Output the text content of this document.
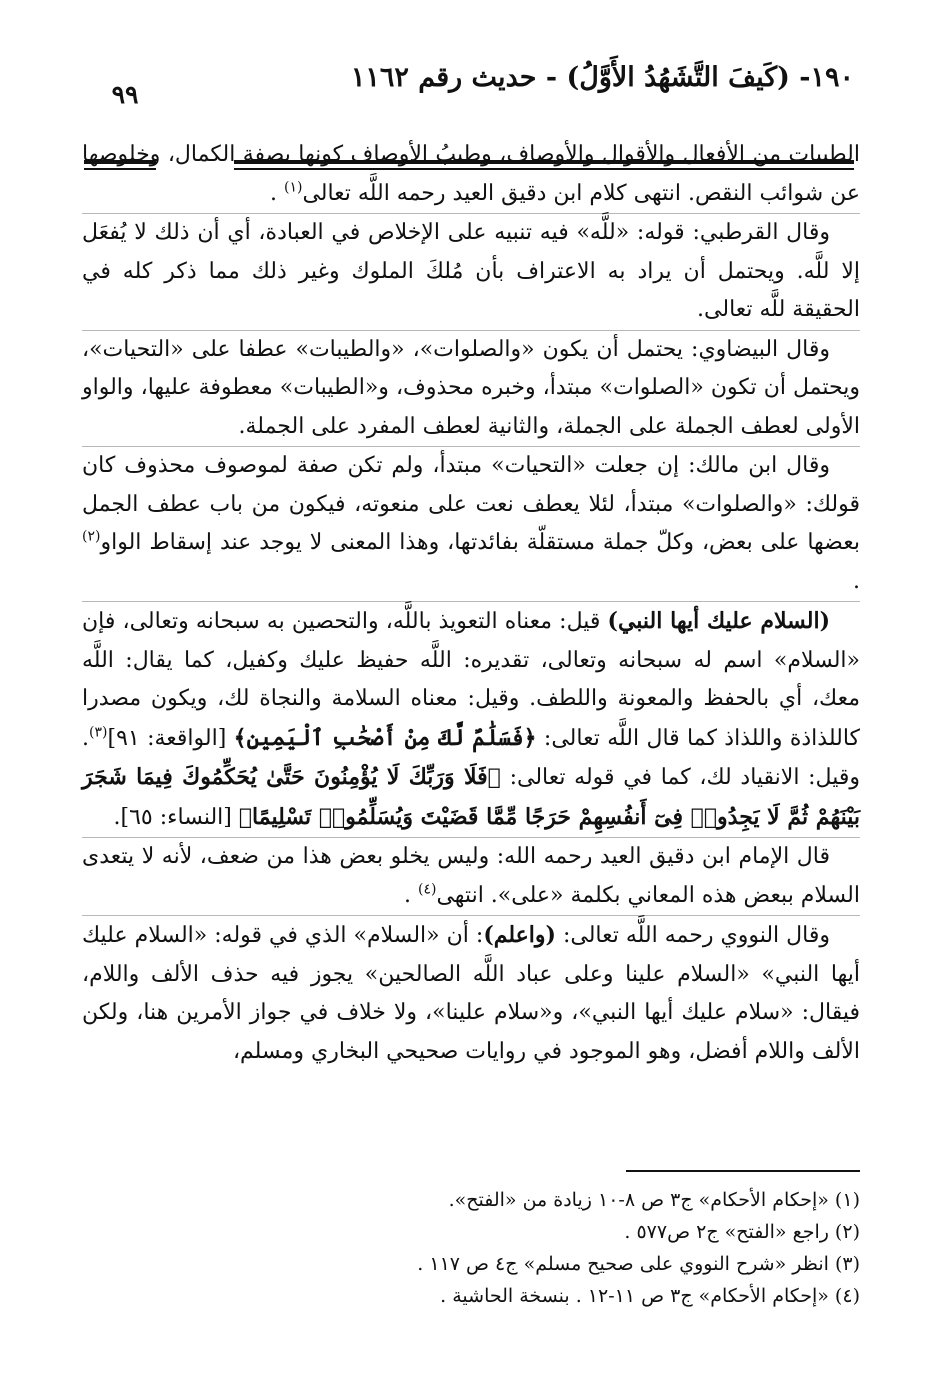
١٩٠- (كَيفَ التَّشَهُدُ الأَوَّلُ) - حديث رقم ١١٦٢
٩٩

الطيبات من الأفعال والأقوال والأوصاف، وطيبُ الأوصاف كونها بصفة الكمال، وخلوصها عن شوائب النقص. انتهى كلام ابن دقيق العيد رحمه اللَّه تعالى$^{(١)}$ .

وقال القرطبي: قوله: «للَّه» فيه تنبيه على الإخلاص في العبادة، أي أن ذلك لا يُفعَل إلا للَّه. ويحتمل أن يراد به الاعتراف بأن مُلكَ الملوك وغير ذلك مما ذكر كله في الحقيقة للَّه تعالى.

وقال البيضاوي: يحتمل أن يكون «والصلوات»، «والطيبات» عطفا على «التحيات»، ويحتمل أن تكون «الصلوات» مبتدأ، وخبره محذوف، و«الطيبات» معطوفة عليها، والواو الأولى لعطف الجملة على الجملة، والثانية لعطف المفرد على الجملة.

وقال ابن مالك: إن جعلت «التحيات» مبتدأ، ولم تكن صفة لموصوف محذوف كان قولك: «والصلوات» مبتدأ، لئلا يعطف نعت على منعوته، فيكون من باب عطف الجمل بعضها على بعض، وكلّ جملة مستقلّة بفائدتها، وهذا المعنى لا يوجد عند إسقاط الواو$^{(٢)}$ .

(السلام عليك أيها النبي) قيل: معناه التعويذ باللَّه، والتحصين به سبحانه وتعالى، فإن «السلام» اسم له سبحانه وتعالى، تقديره: اللَّه حفيظ عليك وكفيل، كما يقال: اللَّه معك، أي بالحفظ والمعونة واللطف. وقيل: معناه السلامة والنجاة لك، ويكون مصدرا كاللذاذة واللذاذ كما قال اللَّه تعالى: ﴿فَسَلَٰمٌ لَّكَ مِنْ أَصْحَٰبِ ٱلْيَمِينِ﴾ [الواقعة: ٩١]$^{(٣)}$. وقيل: الانقياد لك، كما في قوله تعالى: ﴿فَلَا وَرَبِّكَ لَا يُؤْمِنُونَ حَتَّىٰ يُحَكِّمُوكَ فِيمَا شَجَرَ بَيْنَهُمْ ثُمَّ لَا يَجِدُوا۟ فِىٓ أَنفُسِهِمْ حَرَجًا مِّمَّا قَضَيْتَ وَيُسَلِّمُوا۟ تَسْلِيمًا﴾ [النساء: ٦٥].

قال الإمام ابن دقيق العيد رحمه الله: وليس يخلو بعض هذا من ضعف، لأنه لا يتعدى السلام ببعض هذه المعاني بكلمة «على». انتهى$^{(٤)}$ .

وقال النووي رحمه اللَّه تعالى: (واعلم): أن «السلام» الذي في قوله: «السلام عليك أيها النبي» «السلام علينا وعلى عباد اللَّه الصالحين» يجوز فيه حذف الألف واللام، فيقال: «سلام عليك أيها النبي»، و«سلام علينا»، ولا خلاف في جواز الأمرين هنا، ولكن الألف واللام أفضل، وهو الموجود في روايات صحيحي البخاري ومسلم،

(١) «إحكام الأحكام» ج٣ ص ٨-١٠ زيادة من «الفتح».

(٢) راجع «الفتح» ج٢ ص٥٧٧ .

(٣) انظر «شرح النووي على صحيح مسلم» ج٤ ص ١١٧ .

(٤) «إحكام الأحكام» ج٣ ص ١١-١٢ . بنسخة الحاشية .
